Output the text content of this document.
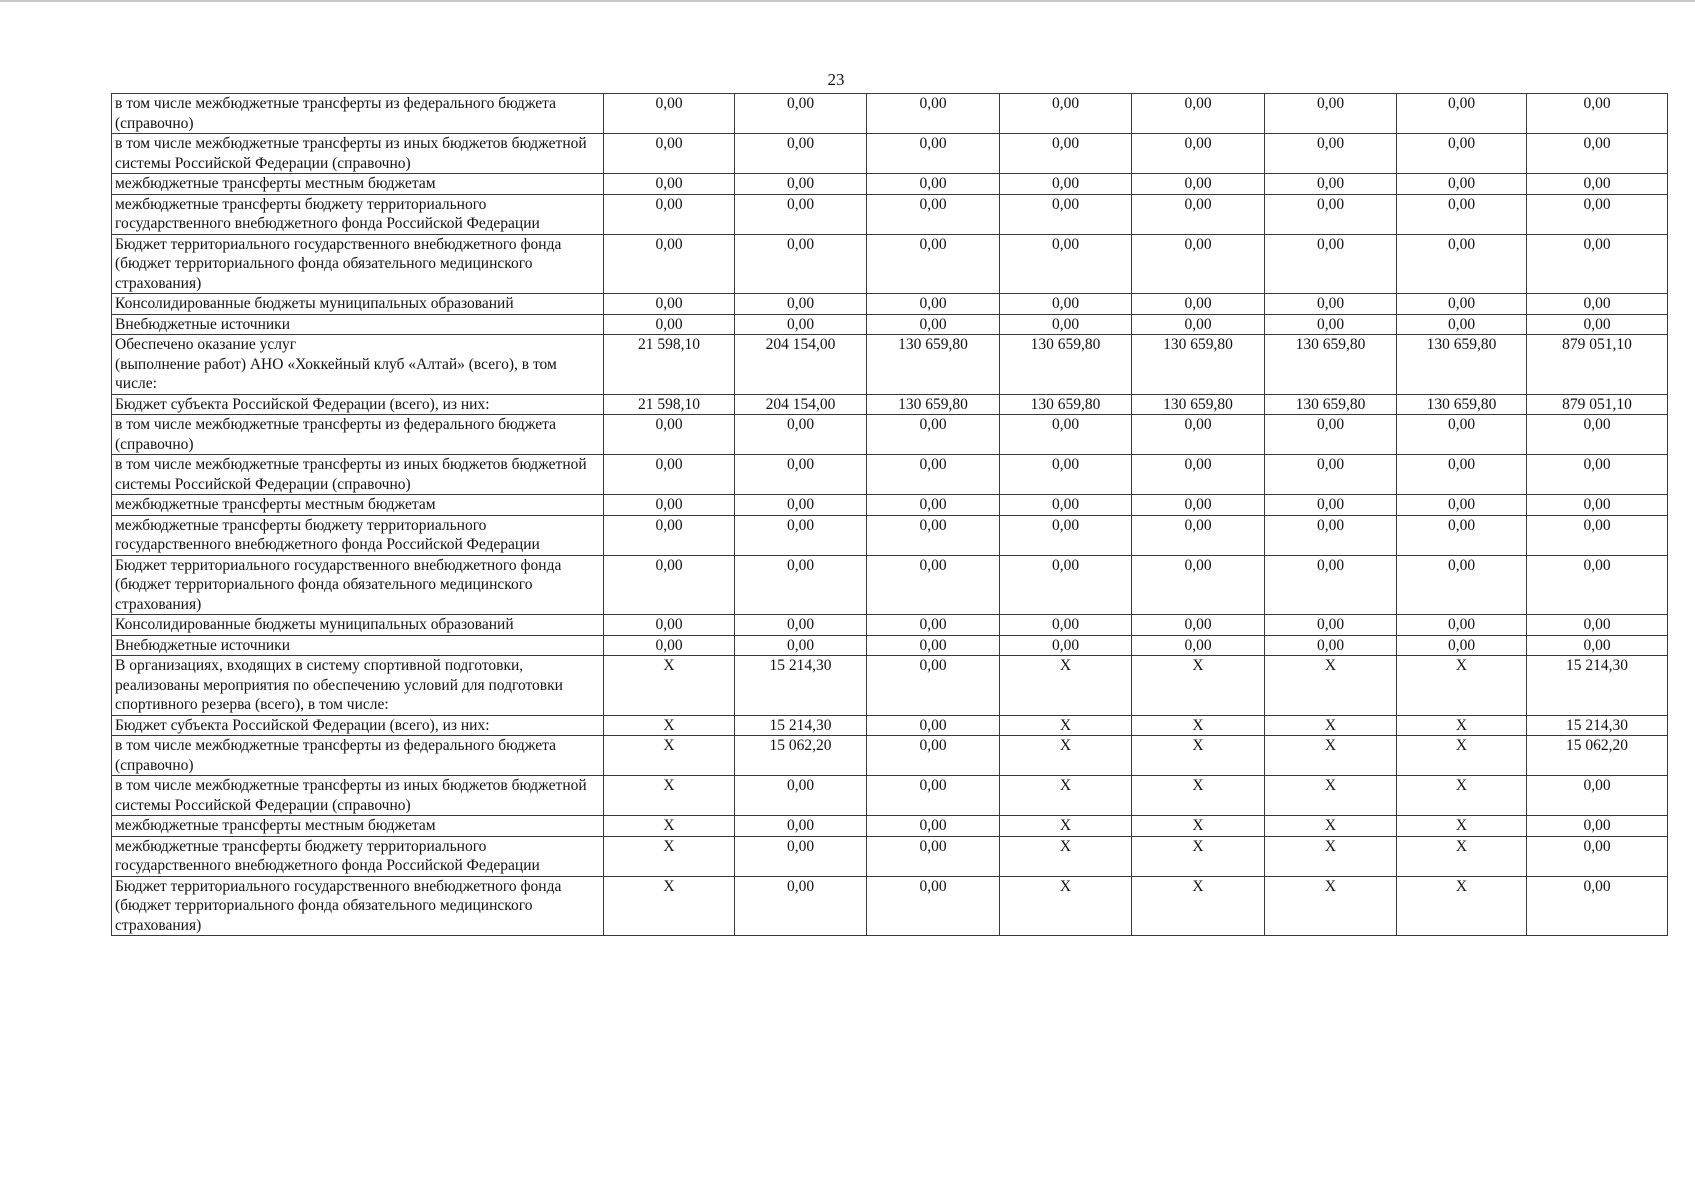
23
в том числе межбюджетные трансферты из федерального бюджета (справочно)	0,00	0,00	0,00	0,00	0,00	0,00	0,00	0,00
в том числе межбюджетные трансферты из иных бюджетов бюджетной системы Российской Федерации (справочно)	0,00	0,00	0,00	0,00	0,00	0,00	0,00	0,00
межбюджетные трансферты местным бюджетам	0,00	0,00	0,00	0,00	0,00	0,00	0,00	0,00
межбюджетные трансферты бюджету территориального государственного внебюджетного фонда Российской Федерации	0,00	0,00	0,00	0,00	0,00	0,00	0,00	0,00
Бюджет территориального государственного внебюджетного фонда (бюджет территориального фонда обязательного медицинского страхования)	0,00	0,00	0,00	0,00	0,00	0,00	0,00	0,00
Консолидированные бюджеты муниципальных образований	0,00	0,00	0,00	0,00	0,00	0,00	0,00	0,00
Внебюджетные источники	0,00	0,00	0,00	0,00	0,00	0,00	0,00	0,00
Обеспечено оказание услуг
(выполнение работ) АНО «Хоккейный клуб «Алтай» (всего), в том числе:	21 598,10	204 154,00	130 659,80	130 659,80	130 659,80	130 659,80	130 659,80	879 051,10
Бюджет субъекта Российской Федерации (всего), из них:	21 598,10	204 154,00	130 659,80	130 659,80	130 659,80	130 659,80	130 659,80	879 051,10
в том числе межбюджетные трансферты из федерального бюджета (справочно)	0,00	0,00	0,00	0,00	0,00	0,00	0,00	0,00
в том числе межбюджетные трансферты из иных бюджетов бюджетной системы Российской Федерации (справочно)	0,00	0,00	0,00	0,00	0,00	0,00	0,00	0,00
межбюджетные трансферты местным бюджетам	0,00	0,00	0,00	0,00	0,00	0,00	0,00	0,00
межбюджетные трансферты бюджету территориального государственного внебюджетного фонда Российской Федерации	0,00	0,00	0,00	0,00	0,00	0,00	0,00	0,00
Бюджет территориального государственного внебюджетного фонда (бюджет территориального фонда обязательного медицинского страхования)	0,00	0,00	0,00	0,00	0,00	0,00	0,00	0,00
Консолидированные бюджеты муниципальных образований	0,00	0,00	0,00	0,00	0,00	0,00	0,00	0,00
Внебюджетные источники	0,00	0,00	0,00	0,00	0,00	0,00	0,00	0,00
В организациях, входящих в систему спортивной подготовки, реализованы мероприятия по обеспечению условий для подготовки спортивного резерва (всего), в том числе:	X	15 214,30	0,00	X	X	X	X	15 214,30
Бюджет субъекта Российской Федерации (всего), из них:	X	15 214,30	0,00	X	X	X	X	15 214,30
в том числе межбюджетные трансферты из федерального бюджета (справочно)	X	15 062,20	0,00	X	X	X	X	15 062,20
в том числе межбюджетные трансферты из иных бюджетов бюджетной системы Российской Федерации (справочно)	X	0,00	0,00	X	X	X	X	0,00
межбюджетные трансферты местным бюджетам	X	0,00	0,00	X	X	X	X	0,00
межбюджетные трансферты бюджету территориального государственного внебюджетного фонда Российской Федерации	X	0,00	0,00	X	X	X	X	0,00
Бюджет территориального государственного внебюджетного фонда (бюджет территориального фонда обязательного медицинского страхования)	X	0,00	0,00	X	X	X	X	0,00
